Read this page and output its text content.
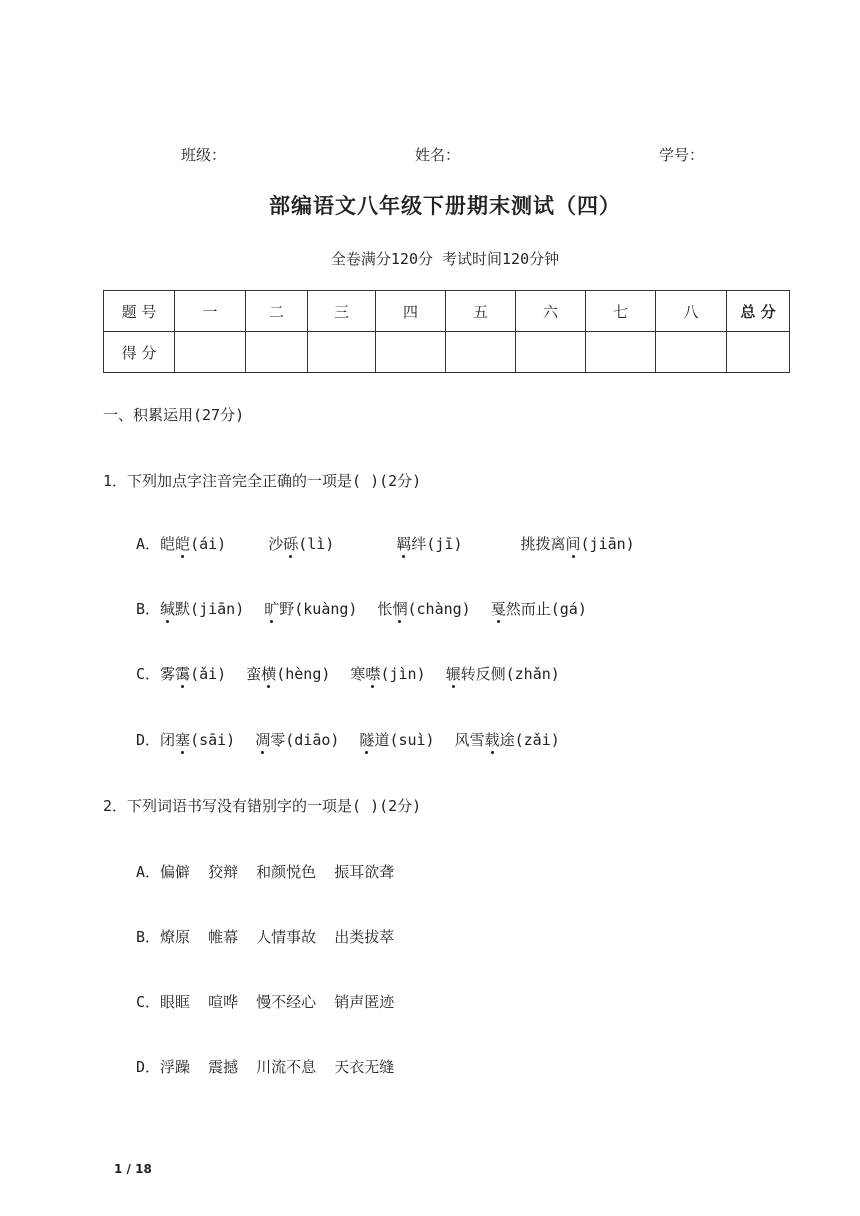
班级：	姓名：	学号：
部编语文八年级下册期末测试（四）
全卷满分120分 考试时间120分钟
题 号	一	二	三	四	五	六	七	八	总 分
得 分									
一、积累运用(27分)
1．下列加点字注音完全正确的一项是( )(2分)
A．皑皑(ái)	沙砾(lì)	羁绊(jī)	挑拨离间(jiān)
B．缄默(jiān) 旷野(kuàng) 怅惘(chàng) 戛然而止(gá)
C．雾霭(ǎi) 蛮横(hèng) 寒噤(jìn) 辗转反侧(zhǎn)
D．闭塞(sāi) 凋零(diāo) 隧道(suì) 风雪载途(zǎi)
2．下列词语书写没有错别字的一项是( )(2分)
A．偏僻  狡辩  和颜悦色  振耳欲聋
B．燎原  帷幕  人情事故  出类拔萃
C．眼眶  喧哗  慢不经心  销声匿迹
D．浮躁  震撼  川流不息  天衣无缝
1 / 18
